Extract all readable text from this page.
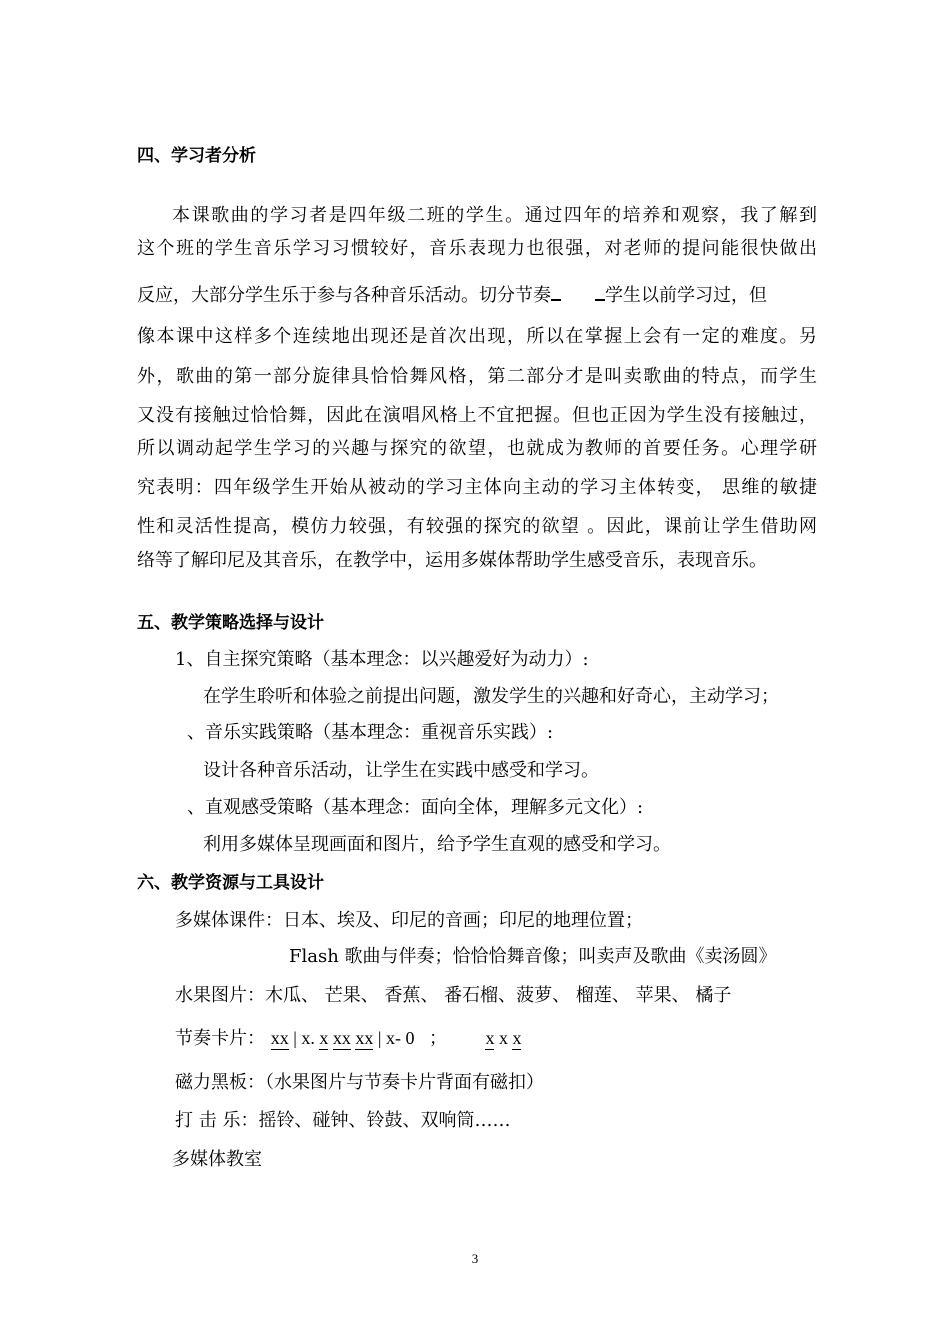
四、学习者分析
本课歌曲的学习者是四年级二班的学生。通过四年的培养和观察，我了解到
这个班的学生音乐学习习惯较好，音乐表现力也很强，对老师的提问能很快做出
反应，大部分学生乐于参与各种音乐活动。切分节奏	学生以前学习过，但
像本课中这样多个连续地出现还是首次出现，所以在掌握上会有一定的难度。另
外，歌曲的第一部分旋律具恰恰舞风格，第二部分才是叫卖歌曲的特点，而学生
又没有接触过恰恰舞，因此在演唱风格上不宜把握。但也正因为学生没有接触过，
所以调动起学生学习的兴趣与探究的欲望，也就成为教师的首要任务。心理学研
究表明：四年级学生开始从被动的学习主体向主动的学习主体转变， 思维的敏捷
性和灵活性提高，模仿力较强，有较强的探究的欲望 。因此，课前让学生借助网
络等了解印尼及其音乐，在教学中，运用多媒体帮助学生感受音乐，表现音乐。
五、教学策略选择与设计
1、自主探究策略（基本理念：以兴趣爱好为动力）:
在学生聆听和体验之前提出问题，激发学生的兴趣和好奇心，主动学习；
、音乐实践策略（基本理念：重视音乐实践）:
设计各种音乐活动，让学生在实践中感受和学习。
、直观感受策略（基本理念：面向全体，理解多元文化）:
利用多媒体呈现画面和图片，给予学生直观的感受和学习。
六、教学资源与工具设计
多媒体课件：日本、埃及、印尼的音画；印尼的地理位置；
Flash 歌曲与伴奏；恰恰恰舞音像；叫卖声及歌曲《卖汤圆》
水果图片：木瓜、 芒果、 香蕉、 番石榴、菠萝、 榴莲、 苹果、 橘子
节奏卡片： xx | x. x xx xx | x- 0 ； x x x
磁力黑板：（水果图片与节奏卡片背面有磁扣）
打 击 乐：摇铃、碰钟、铃鼓、双响筒……
多媒体教室
3
